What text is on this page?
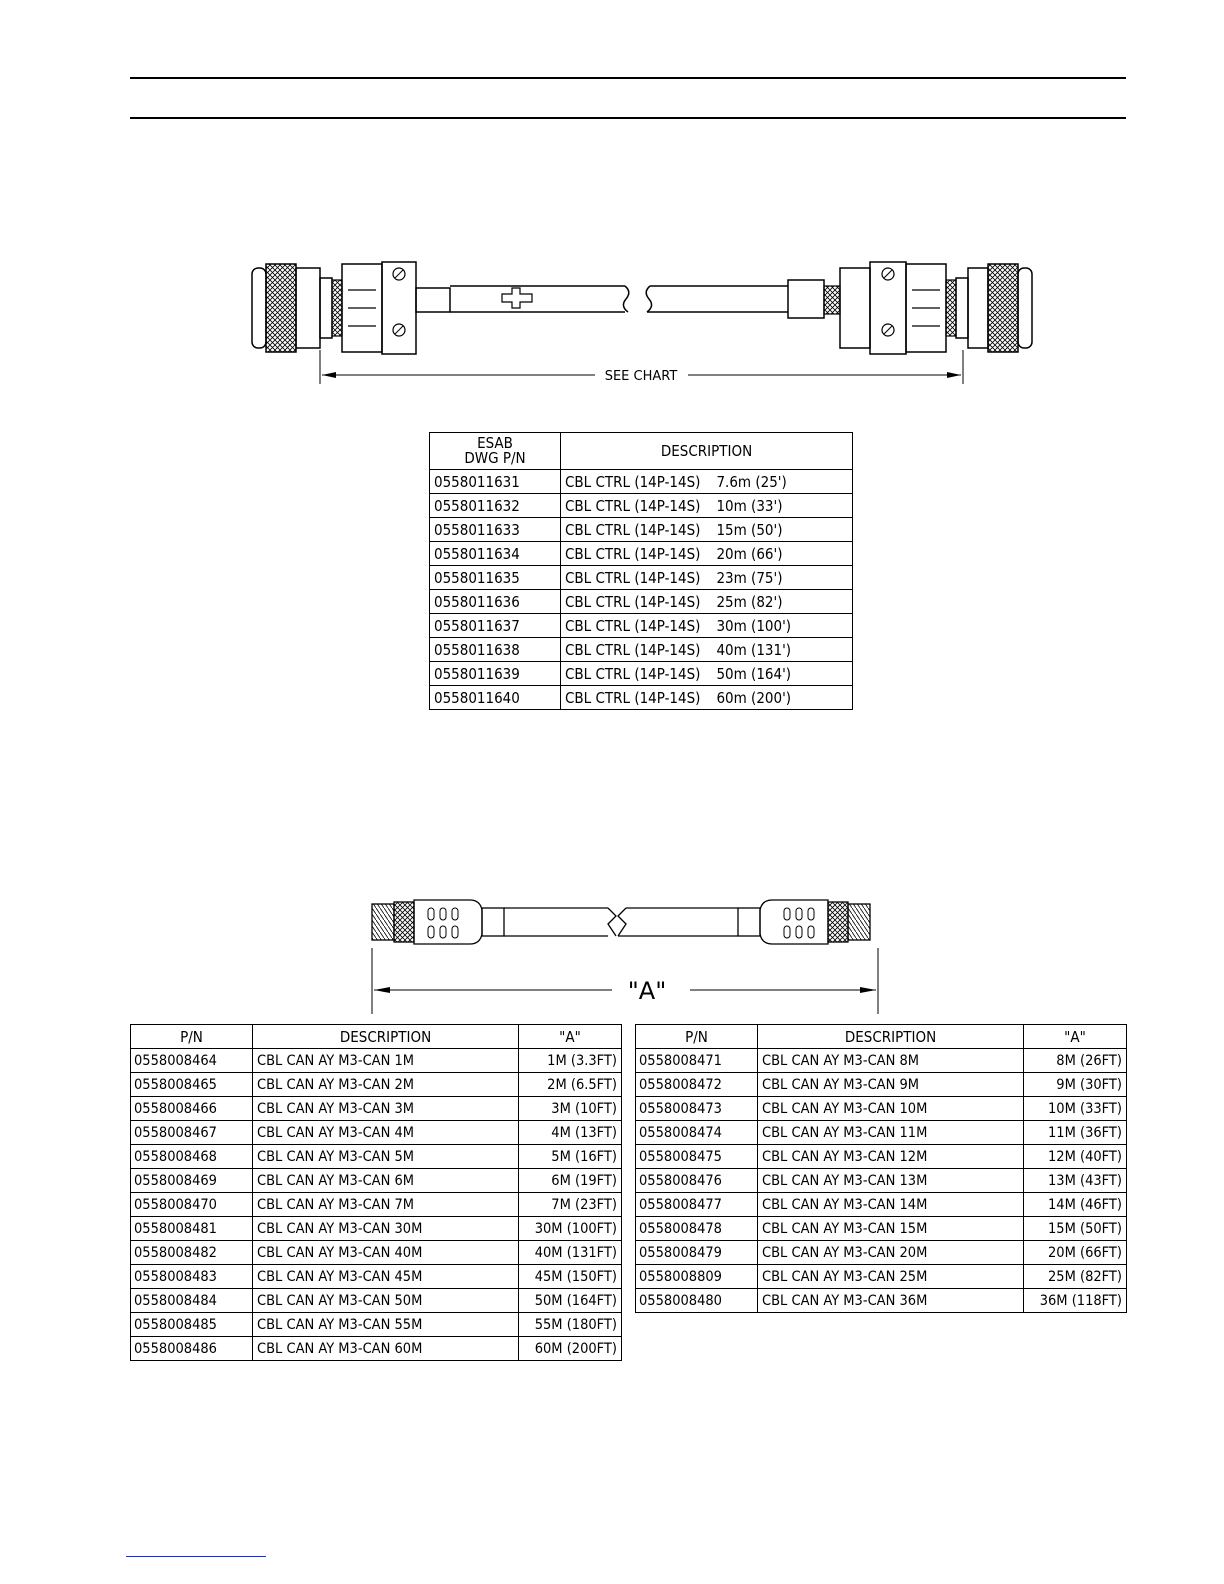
SEE CHART
ESAB
DWG P/N	DESCRIPTION
0558011631	CBL CTRL (14P-14S) 7.6m (25')
0558011632	CBL CTRL (14P-14S) 10m (33')
0558011633	CBL CTRL (14P-14S) 15m (50')
0558011634	CBL CTRL (14P-14S) 20m (66')
0558011635	CBL CTRL (14P-14S) 23m (75')
0558011636	CBL CTRL (14P-14S) 25m (82')
0558011637	CBL CTRL (14P-14S) 30m (100')
0558011638	CBL CTRL (14P-14S) 40m (131')
0558011639	CBL CTRL (14P-14S) 50m (164')
0558011640	CBL CTRL (14P-14S) 60m (200')
"A"
P/N	DESCRIPTION	"A"
0558008464	CBL CAN AY M3-CAN 1M	1M (3.3FT)
0558008465	CBL CAN AY M3-CAN 2M	2M (6.5FT)
0558008466	CBL CAN AY M3-CAN 3M	3M (10FT)
0558008467	CBL CAN AY M3-CAN 4M	4M (13FT)
0558008468	CBL CAN AY M3-CAN 5M	5M (16FT)
0558008469	CBL CAN AY M3-CAN 6M	6M (19FT)
0558008470	CBL CAN AY M3-CAN 7M	7M (23FT)
0558008481	CBL CAN AY M3-CAN 30M	30M (100FT)
0558008482	CBL CAN AY M3-CAN 40M	40M (131FT)
0558008483	CBL CAN AY M3-CAN 45M	45M (150FT)
0558008484	CBL CAN AY M3-CAN 50M	50M (164FT)
0558008485	CBL CAN AY M3-CAN 55M	55M (180FT)
0558008486	CBL CAN AY M3-CAN 60M	60M (200FT)
P/N	DESCRIPTION	"A"
0558008471	CBL CAN AY M3-CAN 8M	8M (26FT)
0558008472	CBL CAN AY M3-CAN 9M	9M (30FT)
0558008473	CBL CAN AY M3-CAN 10M	10M (33FT)
0558008474	CBL CAN AY M3-CAN 11M	11M (36FT)
0558008475	CBL CAN AY M3-CAN 12M	12M (40FT)
0558008476	CBL CAN AY M3-CAN 13M	13M (43FT)
0558008477	CBL CAN AY M3-CAN 14M	14M (46FT)
0558008478	CBL CAN AY M3-CAN 15M	15M (50FT)
0558008479	CBL CAN AY M3-CAN 20M	20M (66FT)
0558008809	CBL CAN AY M3-CAN 25M	25M (82FT)
0558008480	CBL CAN AY M3-CAN 36M	36M (118FT)
